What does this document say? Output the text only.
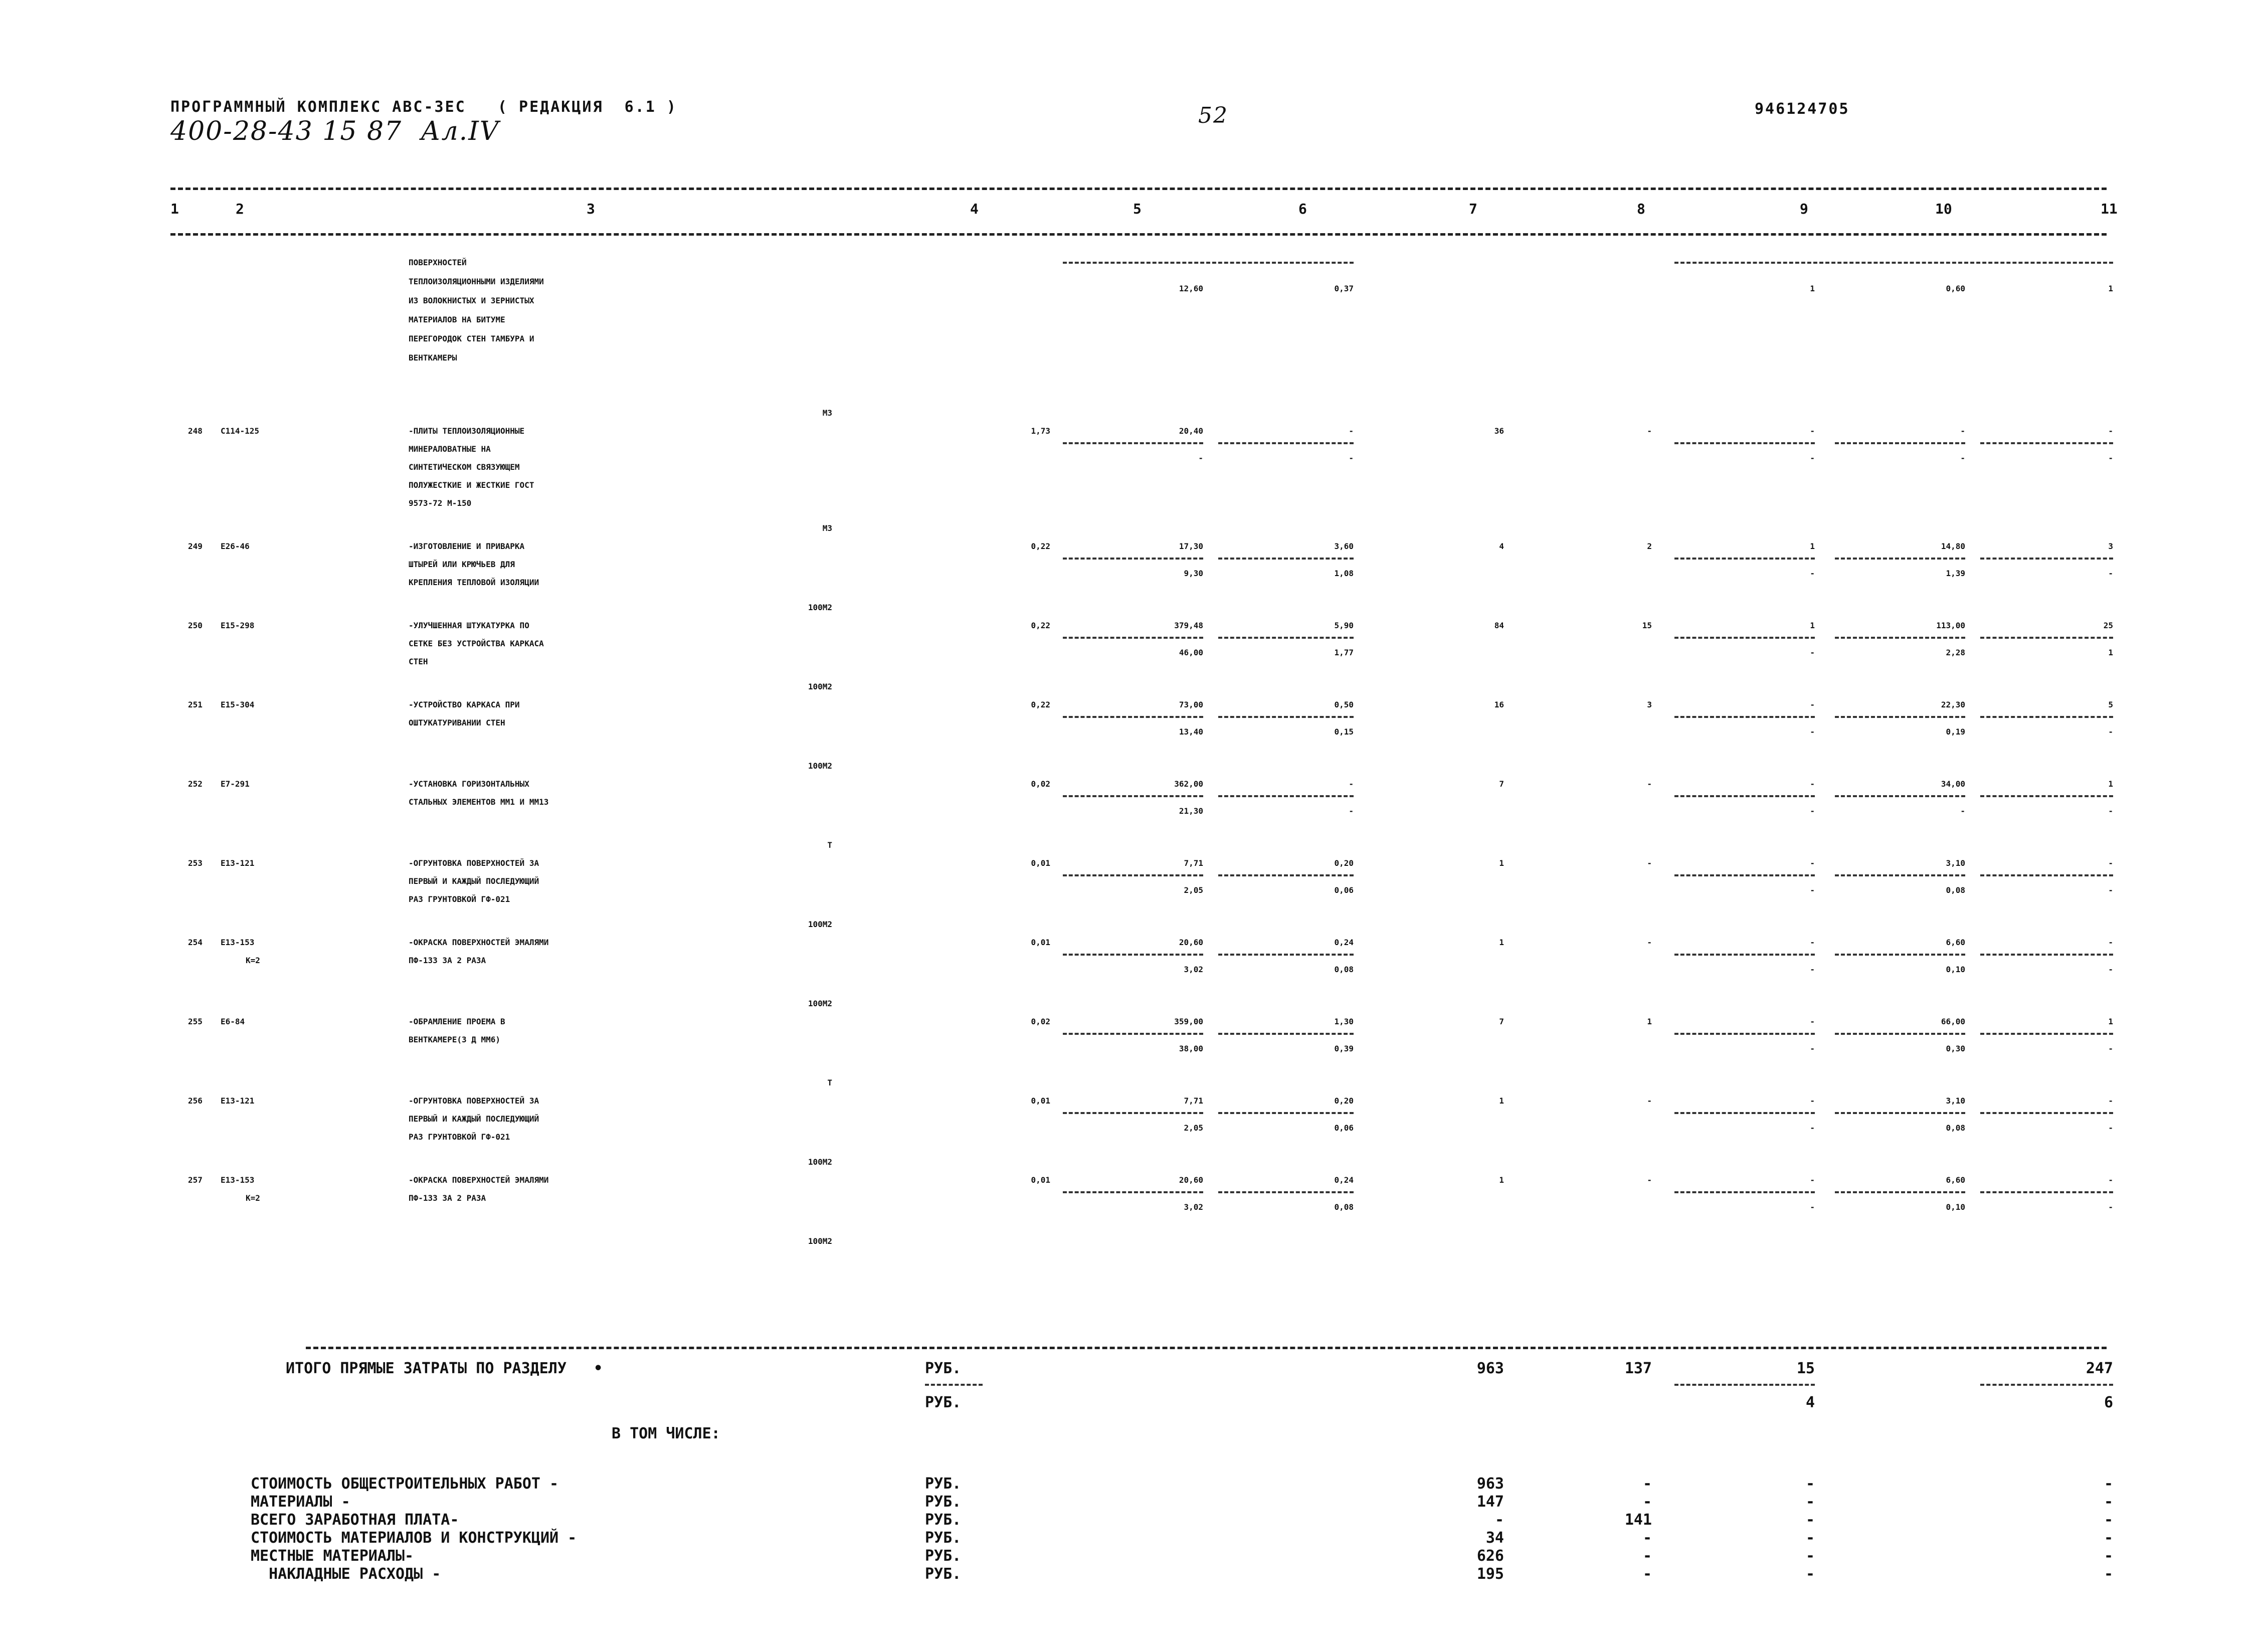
ПРОГРАММНЫЙ КОМПЛЕКС АВС-3ЕС   ( РЕДАКЦИЯ  6.1 )
400-28-43 15 87  Ал.IV
52	946124705
1	2	3	4	5	6	7	8	9	10	11
ПОВЕРХНОСТЕЙ
ТЕПЛОИЗОЛЯЦИОННЫМИ ИЗДЕЛИЯМИ
ИЗ ВОЛОКНИСТЫХ И ЗЕРНИСТЫХ
МАТЕРИАЛОВ НА БИТУМЕ
ПЕРЕГОРОДОК СТЕН ТАМБУРА И
ВЕНТКАМЕРЫ
12,60	0,37	1	0,60	1
М3
248 С114-125	-ПЛИТЫ ТЕПЛОИЗОЛЯЦИОННЫЕ
МИНЕРАЛОВАТНЫЕ НА
СИНТЕТИЧЕСКОМ СВЯЗУЮЩЕМ
ПОЛУЖЕСТКИЕ И ЖЕСТКИЕ ГОСТ
9573-72 М-150
1,73	20,40	-	36	-	-	-	-
-	-	-	-	-
М3
249 Е26-46	-ИЗГОТОВЛЕНИЕ И ПРИВАРКА
ШТЫРЕЙ ИЛИ КРЮЧЬЕВ ДЛЯ
КРЕПЛЕНИЯ ТЕПЛОВОЙ ИЗОЛЯЦИИ
0,22	17,30	3,60	4	2	1	14,80	3
9,30	1,08	-	1,39	-
100М2
250 Е15-298	-УЛУЧШЕННАЯ ШТУКАТУРКА ПО
СЕТКЕ БЕЗ УСТРОЙСТВА КАРКАСА
СТЕН
0,22	379,48	5,90	84	15	1	113,00	25
46,00	1,77	-	2,28	1
100М2
251 Е15-304	-УСТРОЙСТВО КАРКАСА ПРИ
ОШТУКАТУРИВАНИИ СТЕН
0,22	73,00	0,50	16	3	-	22,30	5
13,40	0,15	-	0,19	-
100М2
252 Е7-291	-УСТАНОВКА ГОРИЗОНТАЛЬНЫХ
СТАЛЬНЫХ ЭЛЕМЕНТОВ ММ1 И ММ13
0,02	362,00	-	7	-	-	34,00	1
21,30	-	-	-	-
Т
253 Е13-121	-ОГРУНТОВКА ПОВЕРХНОСТЕЙ ЗА
ПЕРВЫЙ И КАЖДЫЙ ПОСЛЕДУЮЩИЙ
РАЗ ГРУНТОВКОЙ ГФ-021
0,01	7,71	0,20	1	-	-	3,10	-
2,05	0,06	-	0,08	-
100М2
254 Е13-153
К=2
-ОКРАСКА ПОВЕРХНОСТЕЙ ЭМАЛЯМИ
ПФ-133 ЗА 2 РАЗА
0,01	20,60	0,24	1	-	-	6,60	-
3,02	0,08	-	0,10	-
100М2
255 Е6-84	-ОБРАМЛЕНИЕ ПРОЕМА В
ВЕНТКАМЕРЕ(3 Д ММ6)
0,02	359,00	1,30	7	1	-	66,00	1
38,00	0,39	-	0,30	-
Т
256 Е13-121	-ОГРУНТОВКА ПОВЕРХНОСТЕЙ ЗА
ПЕРВЫЙ И КАЖДЫЙ ПОСЛЕДУЮЩИЙ
РАЗ ГРУНТОВКОЙ ГФ-021
0,01	7,71	0,20	1	-	-	3,10	-
2,05	0,06	-	0,08	-
100М2
257 Е13-153
К=2
-ОКРАСКА ПОВЕРХНОСТЕЙ ЭМАЛЯМИ
ПФ-133 ЗА 2 РАЗА
0,01	20,60	0,24	1	-	-	6,60	-
3,02	0,08	-	0,10	-
100М2
ИТОГО ПРЯМЫЕ ЗАТРАТЫ ПО РАЗДЕЛУ   •	РУБ.	963	137	15	247
РУБ.	4	6
В ТОМ ЧИСЛЕ:
СТОИМОСТЬ ОБЩЕСТРОИТЕЛЬНЫХ РАБОТ -	РУБ.	963	-	-	-
МАТЕРИАЛЫ -	РУБ.	147	-	-	-
ВСЕГО ЗАРАБОТНАЯ ПЛАТА-	РУБ.	-	141	-	-
СТОИМОСТЬ МАТЕРИАЛОВ И КОНСТРУКЦИЙ -	РУБ.	34	-	-	-
МЕСТНЫЕ МАТЕРИАЛЫ-	РУБ.	626	-	-	-
НАКЛАДНЫЕ РАСХОДЫ -	РУБ.	195	-	-	-
